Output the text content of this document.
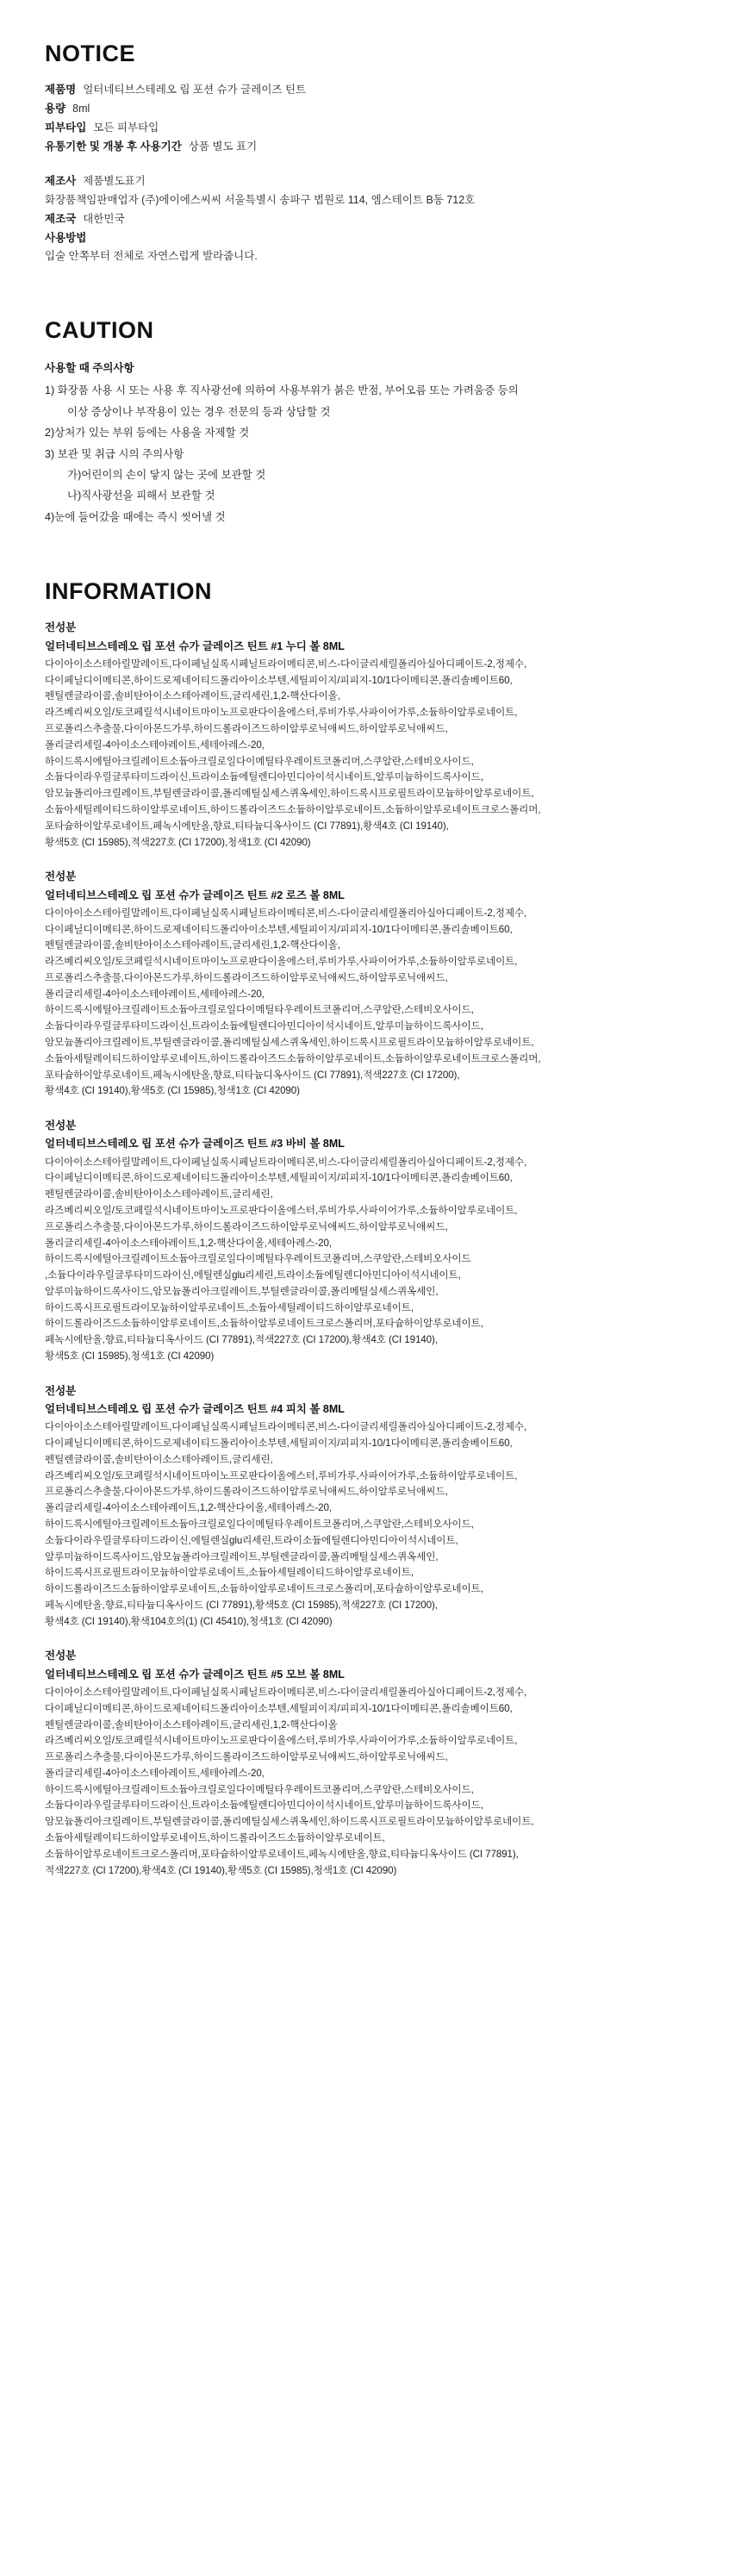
NOTICE
제품명 얼터네티브스테레오 립 포션 슈가 글레이즈 틴트
용량 8ml
피부타입 모든 피부타입
유통기한 및 개봉 후 사용기간 상품 별도 표기
제조사 제품별도표기
화장품책임판매업자 (주)에이에스씨씨 서울특별시 송파구 법원로 114, 엠스테이트 B동 712호
제조국 대한민국
사용방법
입술 안쪽부터 전체로 자연스럽게 발라줍니다.
CAUTION
사용할 때 주의사항
1) 화장품 사용 시 또는 사용 후 직사광선에 의하여 사용부위가 붉은 반점, 부어오름 또는 가려움증 등의
이상 증상이나 부작용이 있는 경우 전문의 등과 상담할 것
2)상처가 있는 부위 등에는 사용을 자제할 것
3) 보관 및 취급 시의 주의사항
가)어린이의 손이 닿지 않는 곳에 보관할 것
나)직사광선을 피해서 보관할 것
4)눈에 들어갔을 때에는 즉시 씻어낼 것
INFORMATION
전성분
얼터네티브스테레오 립 포션 슈가 글레이즈 틴트 #1 누디 볼 8ML

다이아이소스테아릴말레이트,다이페닐실록시페닐트라이메티콘,비스-다이글리세릴폴리아실아디페이트-2,정제수,

다이페닐디이메티콘,하이드로제네이티드폴리아이소부텐,세틸피이지/피피지-10/1다이메티콘,폴리솔베이트60,

펜틸렌글라이콜,솔비탄아이소스테아레이트,글리세린,1,2-핵산다이올,

라즈베리씨오일/토코페릴석시네이트마이노프로판다이올에스터,루비가루,사파이어가루,소듐하이알루로네이트,

프로폴리스추출물,다이아몬드가루,하이드롤라이즈드하이알루로닉애씨드,하이알루로닉애씨드,

폴리글리세릴-4아이소스테아레이트,세테아레스-20,

하이드록시에틸아크릴레이트소듐아크릴로일다이메틸타우레이트코폴리머,스쿠알란,스테비오사이드,

소듐다이라우릴글루타미드라이신,트라이소듐에틸렌디아민디아이석시네이트,알루미늄하이드록사이드,

암모늄폴리아크릴레이트,부틸렌글라이콜,폴리메틸실세스퀴옥세인,하이드록시프로필트라이모늄하이알루로네이트,

소듐아세틸레이티드하이알루로네이트,하이드롤라이즈드소듐하이알루로네이트,소듐하이알루로네이트크로스폴리머,

포타슘하이알루로네이트,페녹시에탄올,향료,티타늄디옥사이드 (CI 77891),황색4호 (CI 19140),

황색5호 (CI 15985),적색227호 (CI 17200),청색1호 (CI 42090)

전성분
얼터네티브스테레오 립 포션 슈가 글레이즈 틴트 #2 로즈 볼 8ML

다이아이소스테아릴말레이트,다이페닐실록시페닐트라이메티콘,비스-다이글리세릴폴리아실아디페이트-2,정제수,

다이페닐디이메티콘,하이드로제네이티드폴리아이소부텐,세틸피이지/피피지-10/1다이메티콘,폴리솔베이트60,

펜틸렌글라이콜,솔비탄아이소스테아레이트,글리세린,1,2-핵산다이올,

라즈베리씨오일/토코페릴석시네이트마이노프로판다이올에스터,루비가루,사파이어가루,소듐하이알루로네이트,

프로폴리스추출물,다이아몬드가루,하이드롤라이즈드하이알루로닉애씨드,하이알루로닉애씨드,

폴리글리세릴-4아이소스테아레이트,세테아레스-20,

하이드록시에틸아크릴레이트소듐아크릴로일다이메틸타우레이트코폴리머,스쿠알란,스테비오사이드,

소듐다이라우릴글루타미드라이신,트라이소듐에틸렌디아민디아이석시네이트,알루미늄하이드록사이드,

암모늄폴리아크릴레이트,부틸렌글라이콜,폴리메틸실세스퀴옥세인,하이드록시프로필트라이모늄하이알루로네이트,

소듐아세틸레이티드하이알루로네이트,하이드롤라이즈드소듐하이알루로네이트,소듐하이알루로네이트크로스폴리머,

포타슘하이알루로네이트,페녹시에탄올,향료,티타늄디옥사이드 (CI 77891),적색227호 (CI 17200),

황색4호 (CI 19140),황색5호 (CI 15985),청색1호 (CI 42090)

전성분
얼터네티브스테레오 립 포션 슈가 글레이즈 틴트 #3 바비 볼 8ML

다이아이소스테아릴말레이트,다이페닐실록시페닐트라이메티콘,비스-다이글리세릴폴리아실아디페이트-2,정제수,

다이페닐디이메티콘,하이드로제네이티드폴리아이소부텐,세틸피이지/피피지-10/1다이메티콘,폴리솔베이트60,

펜틸렌글라이콜,솔비탄아이소스테아레이트,글리세린,

라즈베리씨오일/토코페릴석시네이트마이노프로판다이올에스터,루비가루,사파이어가루,소듐하이알루로네이트,

프로폴리스추출물,다이아몬드가루,하이드롤라이즈드하이알루로닉애씨드,하이알루로닉애씨드,

폴리글리세릴-4아이소스테아레이트,1,2-핵산다이올,세테아레스-20,

하이드록시에틸아크릴레이트소듐아크릴로일다이메틸타우레이트코폴리머,스쿠알란,스테비오사이드

,소듐다이라우릴글루타미드라이신,에틸렌실glu리세린,트라이소듐에틸렌디아민디아이석시네이트,

알루미늄하이드록사이드,암모늄폴리아크릴레이트,부틸렌글라이콜,폴리메틸실세스퀴옥세인,

하이드록시프로필트라이모늄하이알루로네이트,소듐아세틸레이티드하이알루로네이트,

하이드롤라이즈드소듐하이알루로네이트,소듐하이알루로네이트크로스폴리머,포타슘하이알루로네이트,

페녹시에탄올,향료,티타늄디옥사이드 (CI 77891),적색227호 (CI 17200),황색4호 (CI 19140),

황색5호 (CI 15985),청색1호 (CI 42090)

전성분
얼터네티브스테레오 립 포션 슈가 글레이즈 틴트 #4 피치 볼 8ML

다이아이소스테아릴말레이트,다이페닐실록시페닐트라이메티콘,비스-다이글리세릴폴리아실아디페이트-2,정제수,

다이페닐디이메티콘,하이드로제네이티드폴리아이소부텐,세틸피이지/피피지-10/1다이메티콘,폴리솔베이트60,

펜틸렌글라이콜,솔비탄아이소스테아레이트,글리세린,

라즈베리씨오일/토코페릴석시네이트마이노프로판다이올에스터,루비가루,사파이어가루,소듐하이알루로네이트,

프로폴리스추출물,다이아몬드가루,하이드롤라이즈드하이알루로닉애씨드,하이알루로닉애씨드,

폴리글리세릴-4아이소스테아레이트,1,2-핵산다이올,세테아레스-20,

하이드록시에틸아크릴레이트소듐아크릴로일다이메틸타우레이트코폴리머,스쿠알란,스테비오사이드,

소듐다이라우릴글루타미드라이신,에틸렌실glu리세린,트라이소듐에틸렌디아민디아이석시네이트,

알루미늄하이드록사이드,암모늄폴리아크릴레이트,부틸렌글라이콜,폴리메틸실세스퀴옥세인,

하이드록시프로필트라이모늄하이알루로네이트,소듐아세틸레이티드하이알루로네이트,

하이드롤라이즈드소듐하이알루로네이트,소듐하이알루로네이트크로스폴리머,포타슘하이알루로네이트,

페녹시에탄올,향료,티타늄디옥사이드 (CI 77891),황색5호 (CI 15985),적색227호 (CI 17200),

황색4호 (CI 19140),황색104호의(1) (CI 45410),청색1호 (CI 42090)

전성분
얼터네티브스테레오 립 포션 슈가 글레이즈 틴트 #5 모브 볼 8ML

다이아이소스테아릴말레이트,다이페닐실록시페닐트라이메티콘,비스-다이글리세릴폴리아실아디페이트-2,정제수,

다이페닐디이메티콘,하이드로제네이티드폴리아이소부텐,세틸피이지/피피지-10/1다이메티콘,폴리솔베이트60,

펜틸렌글라이콜,솔비탄아이소스테아레이트,글리세린,1,2-핵산다이올

라즈베리씨오일/토코페릴석시네이트마이노프로판다이올에스터,루비가루,사파이어가루,소듐하이알루로네이트,

프로폴리스추출물,다이아몬드가루,하이드롤라이즈드하이알루로닉애씨드,하이알루로닉애씨드,

폴리글리세릴-4아이소스테아레이트,세테아레스-20,

하이드록시에틸아크릴레이트소듐아크릴로일다이메틸타우레이트코폴리머,스쿠알란,스테비오사이드,

소듐다이라우릴글루타미드라이신,트라이소듐에틸렌디아민디아이석시네이트,알루미늄하이드록사이드,

암모늄폴리아크릴레이트,부틸렌글라이콜,폴리메틸실세스퀴옥세인,하이드록시프로필트라이모늄하이알루로네이트,

소듐아세틸레이티드하이알루로네이트,하이드롤라이즈드소듐하이알루로네이트,

소듐하이알루로네이트크로스폴리머,포타슘하이알루로네이트,페녹시에탄올,향료,티타늄디옥사이드 (CI 77891),

적색227호 (CI 17200),황색4호 (CI 19140),황색5호 (CI 15985),청색1호 (CI 42090)
